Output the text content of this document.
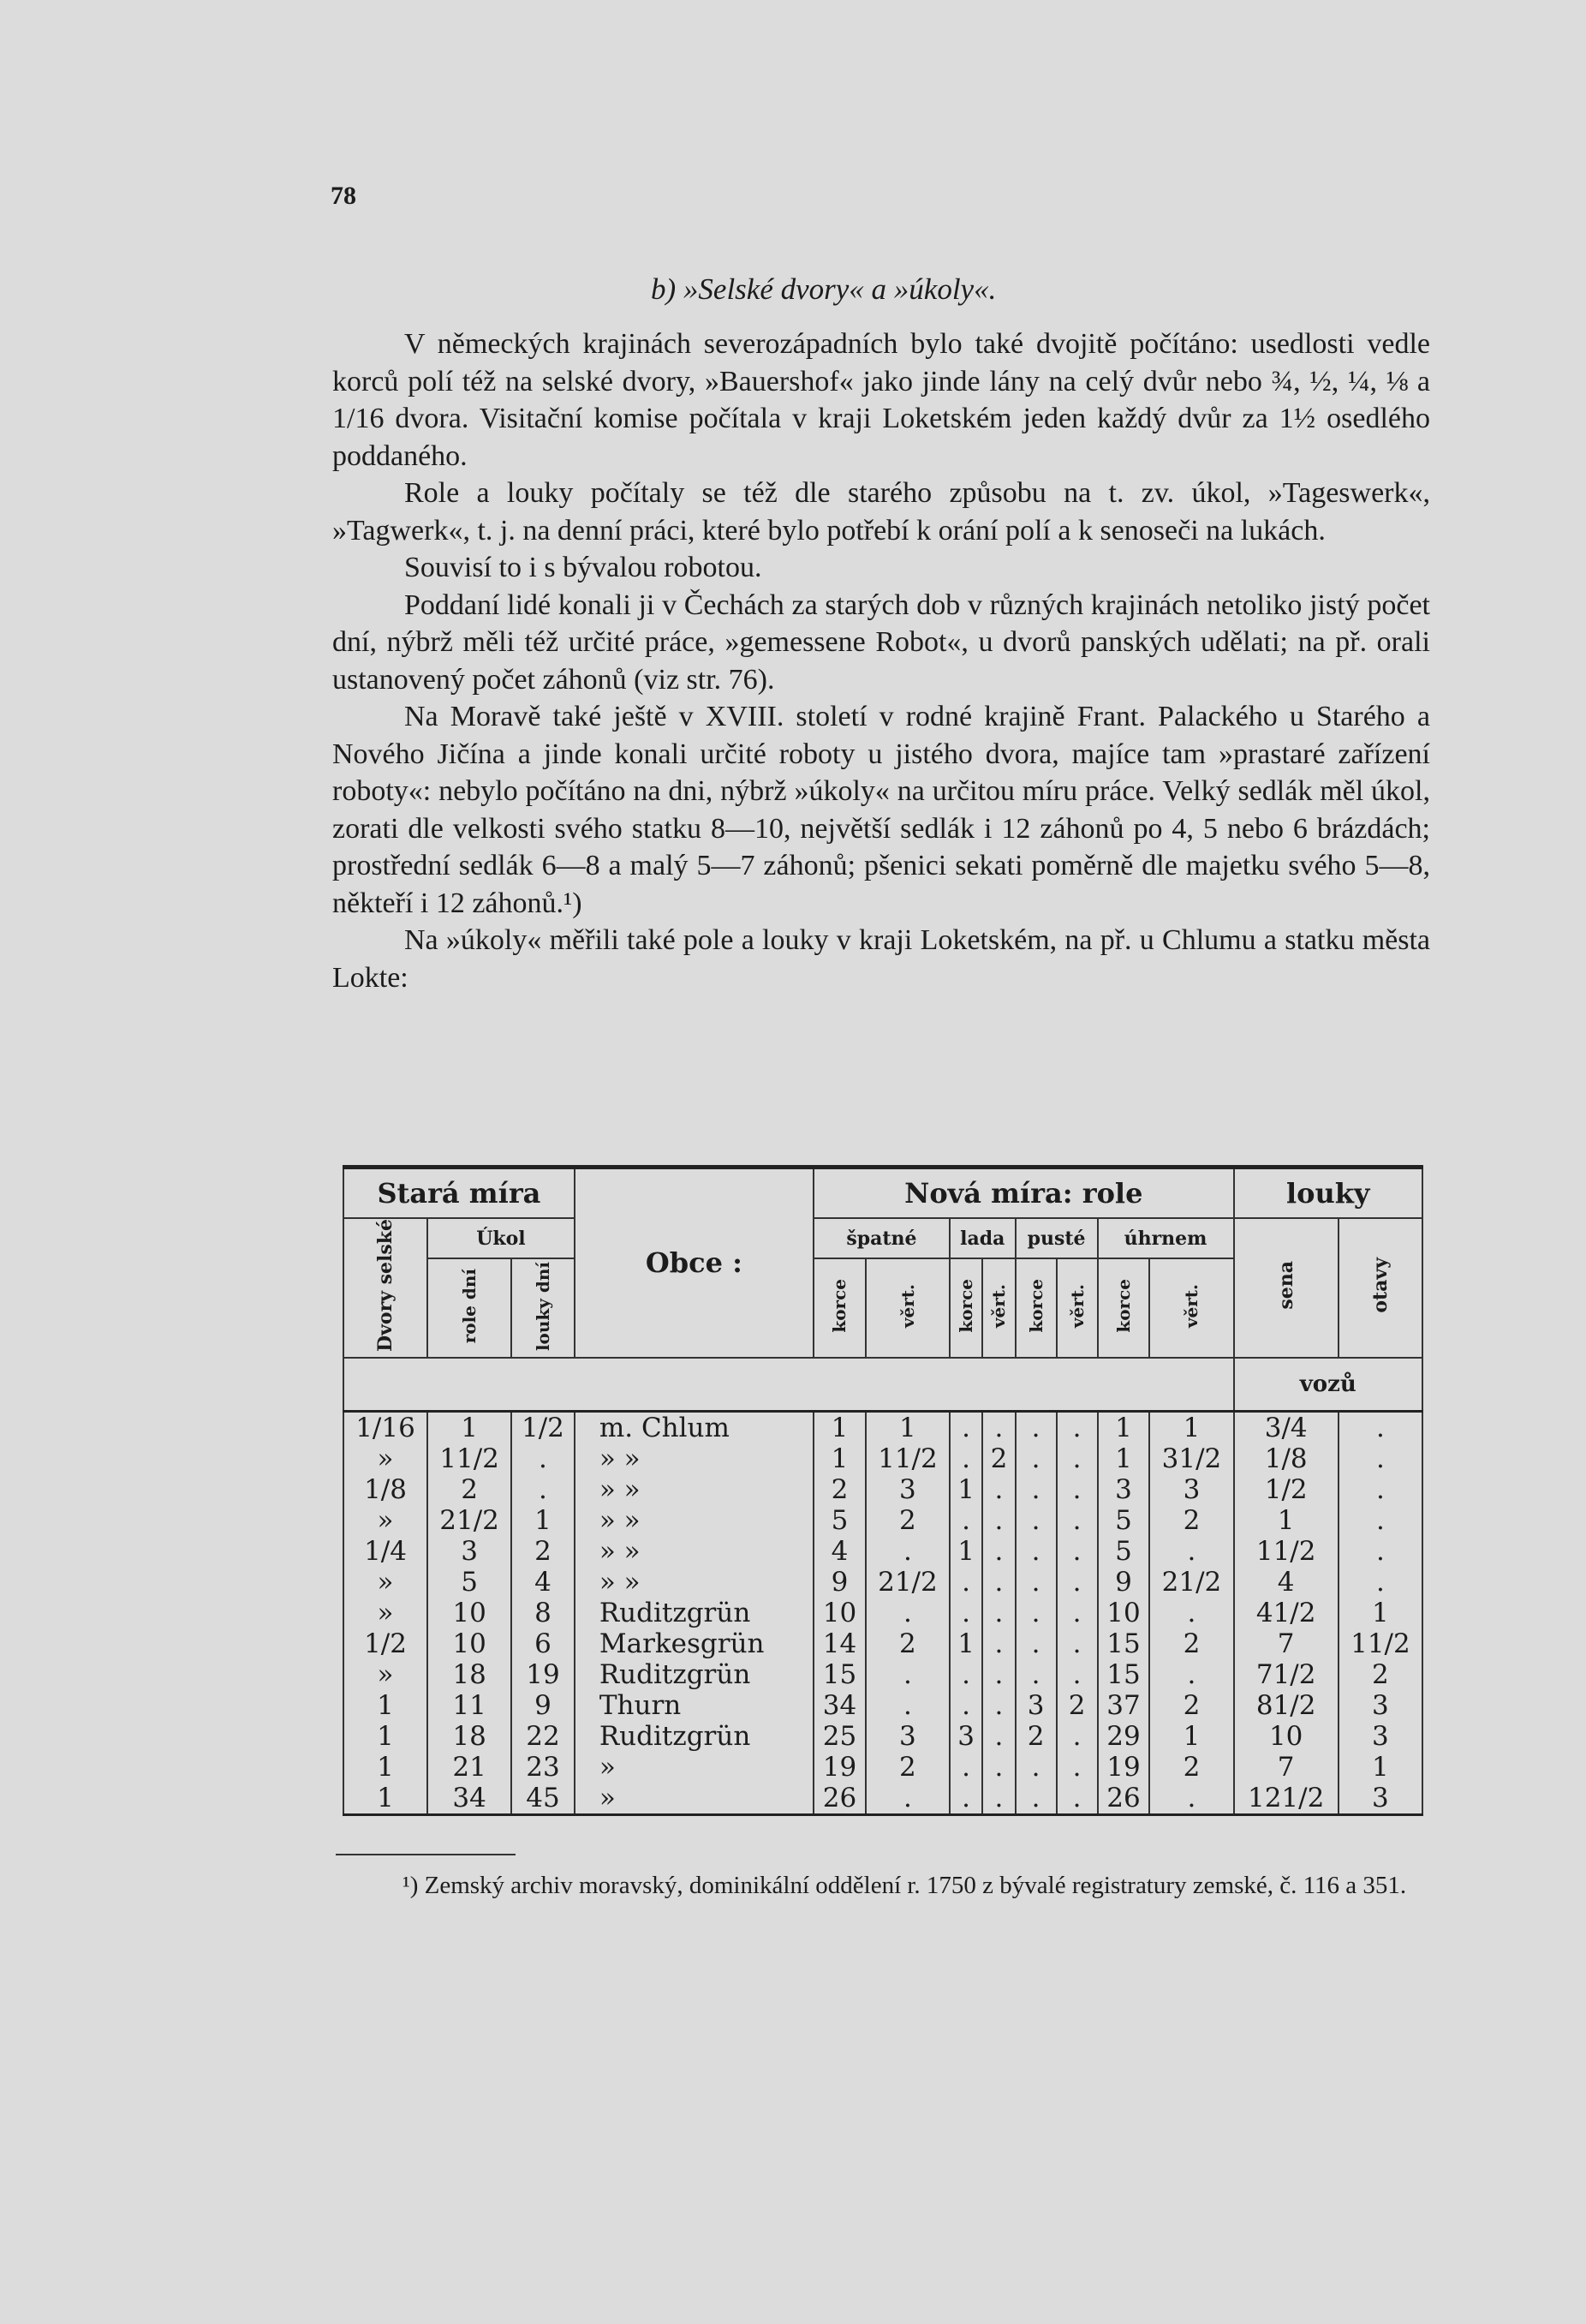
78
b) »Selské dvory« a »úkoly«.

V německých krajinách severozápadních bylo také dvojitě počítáno: usedlosti vedle korců polí též na selské dvory, »Bauershof« jako jinde lány na celý dvůr nebo ¾, ½, ¼, ⅛ a 1/16 dvora. Visitační komise počítala v kraji Loketském jeden každý dvůr za 1½ osedlého poddaného.

Role a louky počítaly se též dle starého způsobu na t. zv. úkol, »Tageswerk«, »Tagwerk«, t. j. na denní práci, které bylo potřebí k orání polí a k senoseči na lukách.

Souvisí to i s bývalou robotou.

Poddaní lidé konali ji v Čechách za starých dob v různých krajinách netoliko jistý počet dní, nýbrž měli též určité práce, »gemessene Robot«, u dvorů panských udělati; na př. orali ustanovený počet záhonů (viz str. 76).

Na Moravě také ještě v XVIII. století v rodné krajině Frant. Palackého u Starého a Nového Jičína a jinde konali určité roboty u jistého dvora, majíce tam »prastaré zařízení roboty«: nebylo počítáno na dni, nýbrž »úkoly« na určitou míru práce. Velký sedlák měl úkol, zorati dle velkosti svého statku 8—10, největší sedlák i 12 záhonů po 4, 5 nebo 6 brázdách; prostřední sedlák 6—8 a malý 5—7 záhonů; pšenici sekati poměrně dle majetku svého 5—8, někteří i 12 záhonů.¹)

Na »úkoly« měřili také pole a louky v kraji Loketském, na př. u Chlumu a statku města Lokte:

Stará míra			Obce :	Nová míra: role								louky	
Dvory selské	Úkol			špatné		lada		pusté		úhrnem		sena	otavy
	role dní	louky dní		korce	věrt.	korce	věrt.	korce	věrt.	korce	věrt.		
												vozů	
1/16	1	1/2	m. Chlum	1	1	.	.	.	.	1	1	3/4	.
»	11/2	.	» »	1	11/2	.	2	.	.	1	31/2	1/8	.
1/8	2	.	» »	2	3	1	.	.	.	3	3	1/2	.
»	21/2	1	» »	5	2	.	.	.	.	5	2	1	.
1/4	3	2	» »	4	.	1	.	.	.	5	.	11/2	.
»	5	4	» »	9	21/2	.	.	.	.	9	21/2	4	.
»	10	8	Ruditzgrün	10	.	.	.	.	.	10	.	41/2	1
1/2	10	6	Markesgrün	14	2	1	.	.	.	15	2	7	11/2
»	18	19	Ruditzgrün	15	.	.	.	.	.	15	.	71/2	2
1	11	9	Thurn	34	.	.	.	3	2	37	2	81/2	3
1	18	22	Ruditzgrün	25	3	3	.	2	.	29	1	10	3
1	21	23	»	19	2	.	.	.	.	19	2	7	1
1	34	45	»	26	.	.	.	.	.	26	.	121/2	3
¹) Zemský archiv moravský, dominikální oddělení r. 1750 z bývalé registratury zemské, č. 116 a 351.
